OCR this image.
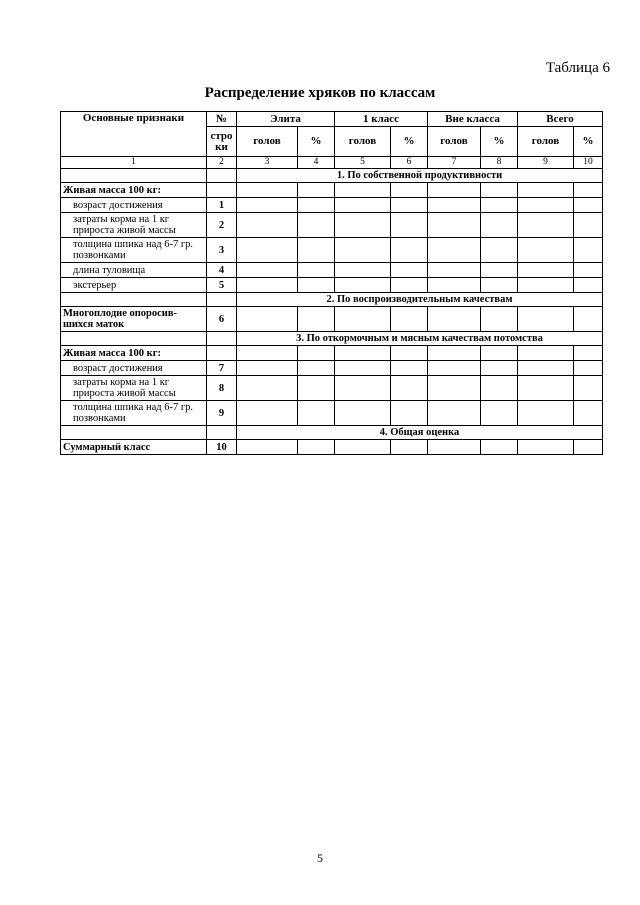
Таблица 6
Распределение хряков по классам
Основные признаки	№	Элита		1 класс		Вне класса		Всего	
	стро ки	голов	%	голов	%	голов	%	голов	%
1	2	3	4	5	6	7	8	9	10
		1. По собственной продуктивности							
Живая масса 100 кг:									
возраст достижения	1								
затраты корма на 1 кг прироста живой массы	2								
толщина шпика над 6-7 гр. позвонками	3								
длина туловища	4								
экстерьер	5								
		2. По воспроизводительным качествам							
Многоплодие опоросив-шихся маток	6								
		3. По откормочным и мясным качествам потомства							
Живая масса 100 кг:									
возраст достижения	7								
затраты корма на 1 кг прироста живой массы	8								
толщина шпика над 6-7 гр. позвонками	9								
		4. Общая оценка							
Суммарный класс	10								
5
